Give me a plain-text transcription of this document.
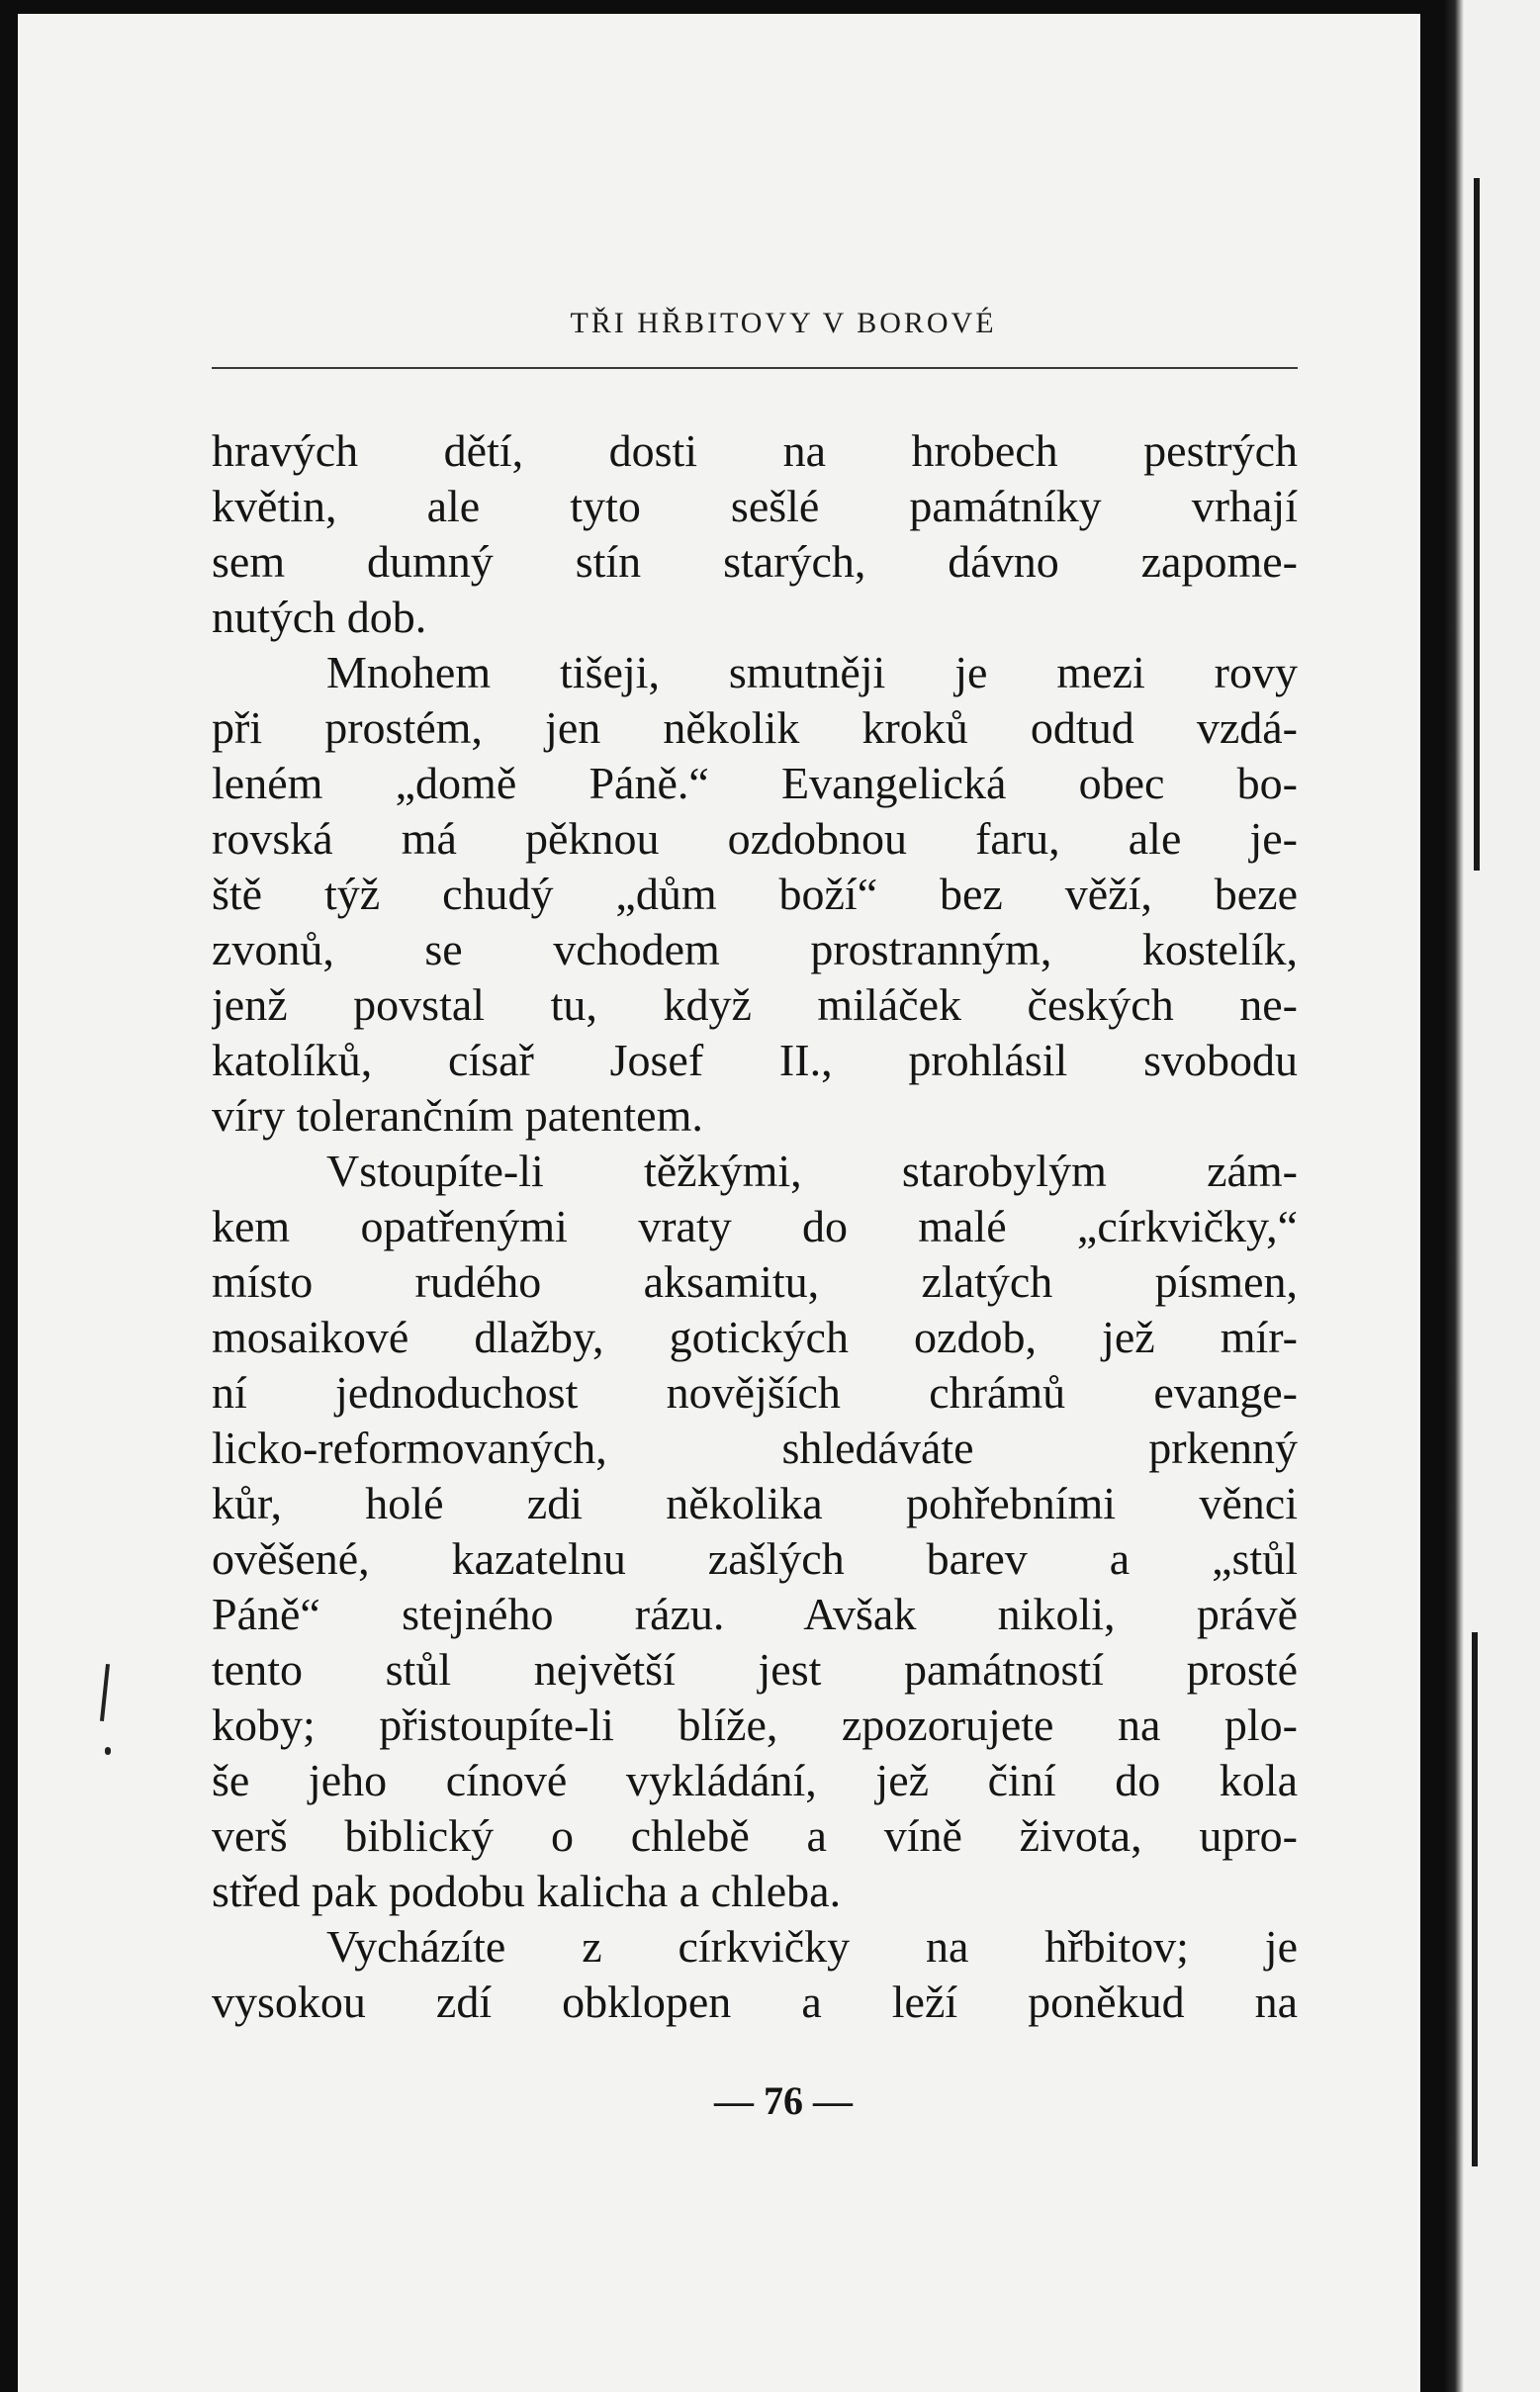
TŘI HŘBITOVY V BOROVÉ
hravých dětí, dosti na hrobech pestrých
květin, ale tyto sešlé památníky vrhají
sem dumný stín starých, dávno zapome-
nutých dob.
Mnohem tišeji, smutněji je mezi rovy
při prostém, jen několik kroků odtud vzdá-
leném „domě Páně.“ Evangelická obec bo-
rovská má pěknou ozdobnou faru, ale je-
ště týž chudý „dům boží“ bez věží, beze
zvonů, se vchodem prostranným, kostelík,
jenž povstal tu, když miláček českých ne-
katolíků, císař Josef II., prohlásil svobodu
víry tolerančním patentem.
Vstoupíte-li těžkými, starobylým zám-
kem opatřenými vraty do malé „církvičky,“
místo rudého aksamitu, zlatých písmen,
mosaikové dlažby, gotických ozdob, jež mír-
ní jednoduchost novějších chrámů evange-
licko-reformovaných, shledáváte prkenný
kůr, holé zdi několika pohřebními věnci
ověšené, kazatelnu zašlých barev a „stůl
Páně“ stejného rázu. Avšak nikoli, právě
tento stůl největší jest památností prosté
koby; přistoupíte-li blíže, zpozorujete na plo-
še jeho cínové vykládání, jež činí do kola
verš biblický o chlebě a víně života, upro-
střed pak podobu kalicha a chleba.
Vycházíte z církvičky na hřbitov; je
vysokou zdí obklopen a leží poněkud na
— 76 —
